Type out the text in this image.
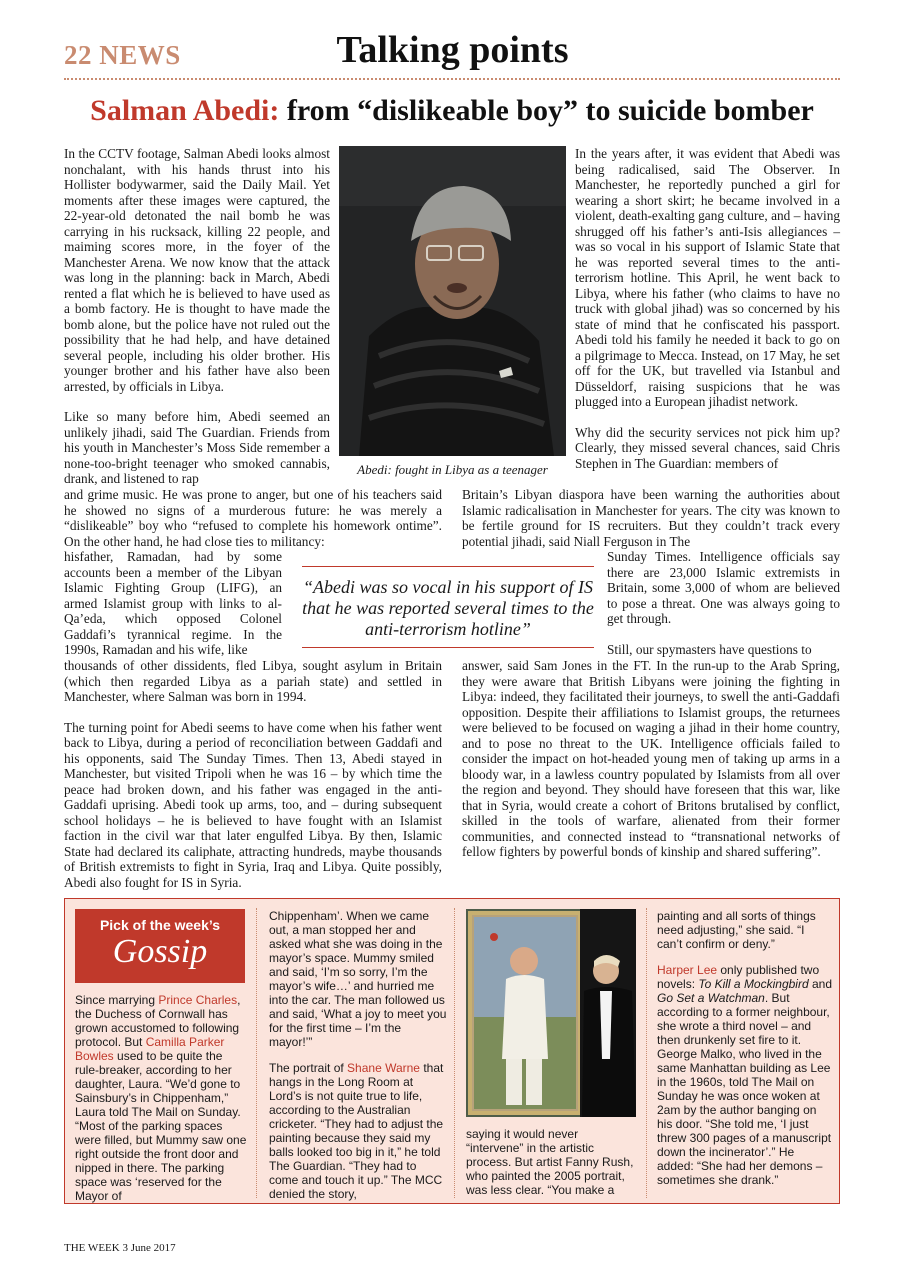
22 NEWS	Talking points
Salman Abedi: from “dislikeable boy” to suicide bomber

In the CCTV footage, Salman Abedi looks almost nonchalant, with his hands thrust into his Hollister bodywarmer, said the Daily Mail. Yet moments after these images were captured, the 22-year-old detonated the nail bomb he was carrying in his rucksack, killing 22 people, and maiming scores more, in the foyer of the Manchester Arena. We now know that the attack was long in the planning: back in March, Abedi rented a flat which he is believed to have used as a bomb factory. He is thought to have made the bomb alone, but the police have not ruled out the possibility that he had help, and have detained several people, including his older brother. His younger brother and his father have also been arrested, by officials in Libya.

Like so many before him, Abedi seemed an unlikely jihadi, said The Guardian. Friends from his youth in Manchester’s Moss Side remember a none-too-bright teenager who smoked cannabis, drank, and listened to rap

Abedi: fought in Libya as a teenager

and grime music. He was prone to anger, but one of his teachers said he showed no signs of a murderous future: he was merely a “dislikeable” boy who “refused to complete his homework ontime”. On the other hand, he had close ties to militancy:

hisfather, Ramadan, had by some accounts been a member of the Libyan Islamic Fighting Group (LIFG), an armed Islamist group with links to al-Qa’eda, which opposed Colonel Gaddafi’s tyrannical regime. In the 1990s, Ramadan and his wife, like

thousands of other dissidents, fled Libya, sought asylum in Britain (which then regarded Libya as a pariah state) and settled in Manchester, where Salman was born in 1994.

The turning point for Abedi seems to have come when his father went back to Libya, during a period of reconciliation between Gaddafi and his opponents, said The Sunday Times. Then 13, Abedi stayed in Manchester, but visited Tripoli when he was 16 – by which time the peace had broken down, and his father was engaged in the anti-Gaddafi uprising. Abedi took up arms, too, and – during subsequent school holidays – he is believed to have fought with an Islamist faction in the civil war that later engulfed Libya. By then, Islamic State had declared its caliphate, attracting hundreds, maybe thousands of British extremists to fight in Syria, Iraq and Libya. Quite possibly, Abedi also fought for IS in Syria.

In the years after, it was evident that Abedi was being radicalised, said The Observer. In Manchester, he reportedly punched a girl for wearing a short skirt; he became involved in a violent, death-exalting gang culture, and – having shrugged off his father’s anti-Isis allegiances – was so vocal in his support of Islamic State that he was reported several times to the anti-terrorism hotline. This April, he went back to Libya, where his father (who claims to have no truck with global jihad) was so concerned by his state of mind that he confiscated his passport. Abedi told his family he needed it back to go on a pilgrimage to Mecca. Instead, on 17 May, he set off for the UK, but travelled via Istanbul and Düsseldorf, raising suspicions that he was plugged into a European jihadist network.

Why did the security services not pick him up? Clearly, they missed several chances, said Chris Stephen in The Guardian: members of

Britain’s Libyan diaspora have been warning the authorities about Islamic radicalisation in Manchester for years. The city was known to be fertile ground for IS recruiters. But they couldn’t track every potential jihadi, said Niall Ferguson in The

Sunday Times. Intelligence officials say there are 23,000 Islamic extremists in Britain, some 3,000 of whom are believed to pose a threat. One was always going to get through.

Still, our spymasters have questions to

answer, said Sam Jones in the FT. In the run-up to the Arab Spring, they were aware that British Libyans were joining the fighting in Libya: indeed, they facilitated their journeys, to swell the anti-Gaddafi opposition. Despite their affiliations to Islamist groups, the returnees were believed to be focused on waging a jihad in their home country, and to pose no threat to the UK. Intelligence officials failed to consider the impact on hot-headed young men of taking up arms in a bloody war, in a lawless country populated by Islamists from all over the region and beyond. They should have foreseen that this war, like that in Syria, would create a cohort of Britons brutalised by conflict, skilled in the tools of warfare, alienated from their former communities, and connected instead to “transnational networks of fellow fighters by powerful bonds of kinship and shared suffering”.

“Abedi was so vocal in his support of IS that he was reported several times to the anti-terrorism hotline”
Pick of the week’s
Gossip

Since marrying Prince Charles, the Duchess of Cornwall has grown accustomed to following protocol. But Camilla Parker Bowles used to be quite the rule-breaker, according to her daughter, Laura. “We’d gone to Sainsbury’s in Chippenham,” Laura told The Mail on Sunday. “Most of the parking spaces were filled, but Mummy saw one right outside the front door and nipped in there. The parking space was ‘reserved for the Mayor of

Chippenham’. When we came out, a man stopped her and asked what she was doing in the mayor’s space. Mummy smiled and said, ‘I’m so sorry, I’m the mayor’s wife…’ and hurried me into the car. The man followed us and said, ‘What a joy to meet you for the first time – I’m the mayor!’”

The portrait of Shane Warne that hangs in the Long Room at Lord’s is not quite true to life, according to the Australian cricketer. “They had to adjust the painting because they said my balls looked too big in it,” he told The Guardian. “They had to come and touch it up.” The MCC denied the story,

saying it would never “intervene” in the artistic process. But artist Fanny Rush, who painted the 2005 portrait, was less clear. “You make a

painting and all sorts of things need adjusting,” she said. “I can’t confirm or deny.”

Harper Lee only published two novels: To Kill a Mockingbird and Go Set a Watchman. But according to a former neighbour, she wrote a third novel – and then drunkenly set fire to it. George Malko, who lived in the same Manhattan building as Lee in the 1960s, told The Mail on Sunday he was once woken at 2am by the author banging on his door. “She told me, ‘I just threw 300 pages of a manuscript down the incinerator’.” He added: “She had her demons – sometimes she drank.”

THE WEEK 3 June 2017
